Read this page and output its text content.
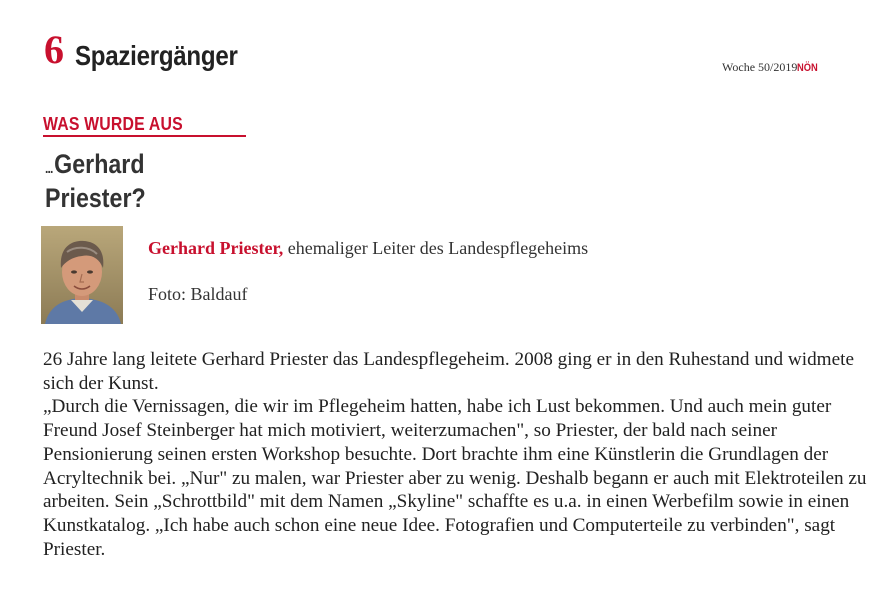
6 Spaziergänger	Woche 50/2019NÖN
WAS WURDE AUS
...Gerhard
Priester?
Gerhard Priester, ehemaliger Leiter des Landespflegeheims
Foto: Baldauf

26 Jahre lang leitete Gerhard Priester das Landespflegeheim. 2008 ging er in den Ruhestand und widmete sich der Kunst.

„Durch die Vernissagen, die wir im Pflegeheim hatten, habe ich Lust bekommen. Und auch mein guter Freund Josef Steinberger hat mich motiviert, weiterzumachen", so Priester, der bald nach seiner Pensionierung seinen ersten Workshop besuchte. Dort brachte ihm eine Künstlerin die Grundlagen der Acryltechnik bei. „Nur" zu malen, war Priester aber zu wenig. Deshalb begann er auch mit Elektroteilen zu arbeiten. Sein „Schrottbild" mit dem Namen „Skyline" schaffte es u.a. in einen Werbefilm sowie in einen Kunstkatalog. „Ich habe auch schon eine neue Idee. Fotografien und Computerteile zu verbinden", sagt Priester.
